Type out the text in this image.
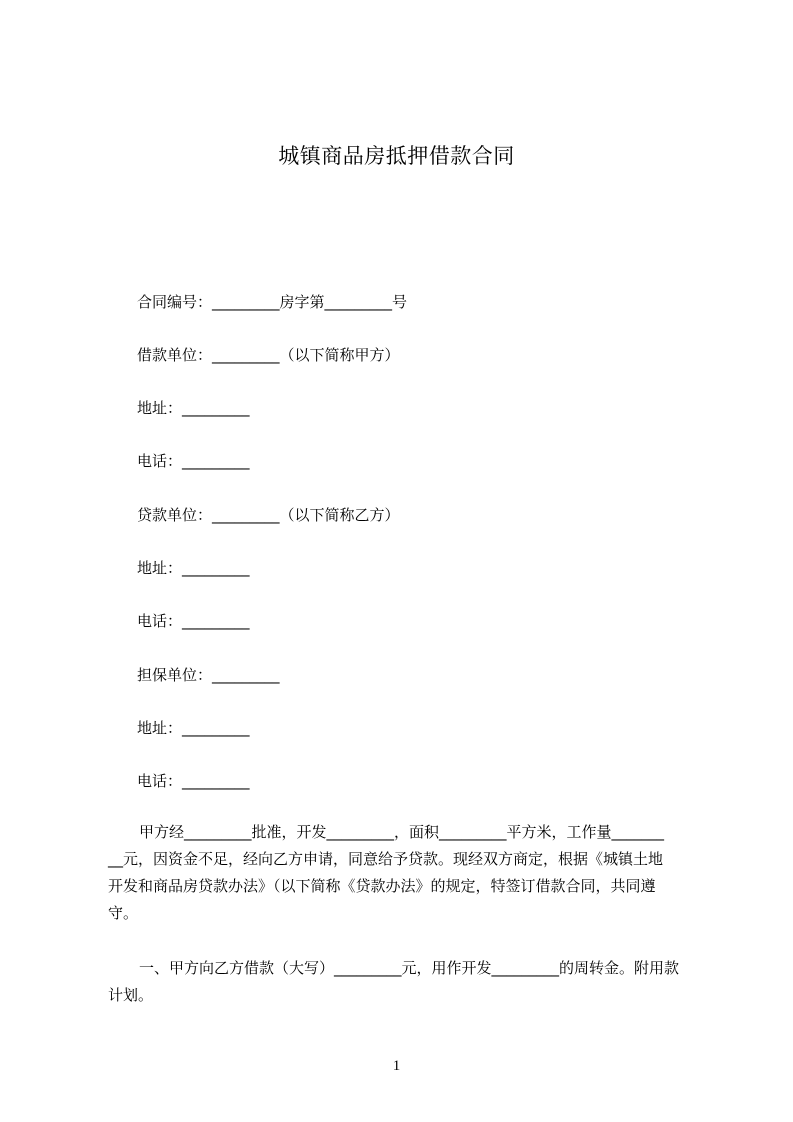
城镇商品房抵押借款合同
合同编号：_________房字第_________号
借款单位：_________（以下简称甲方）
地址：_________
电话：_________
贷款单位：_________（以下简称乙方）
地址：_________
电话：_________
担保单位：_________
地址：_________
电话：_________
甲方经_________批准，开发_________，面积_________平方米，工作量_______
__元，因资金不足，经向乙方申请，同意给予贷款。现经双方商定，根据《城镇土地
开发和商品房贷款办法》（以下简称《贷款办法》的规定，特签订借款合同，共同遵
守。
一、甲方向乙方借款（大写）_________元，用作开发_________的周转金。附用款
计划。
1
